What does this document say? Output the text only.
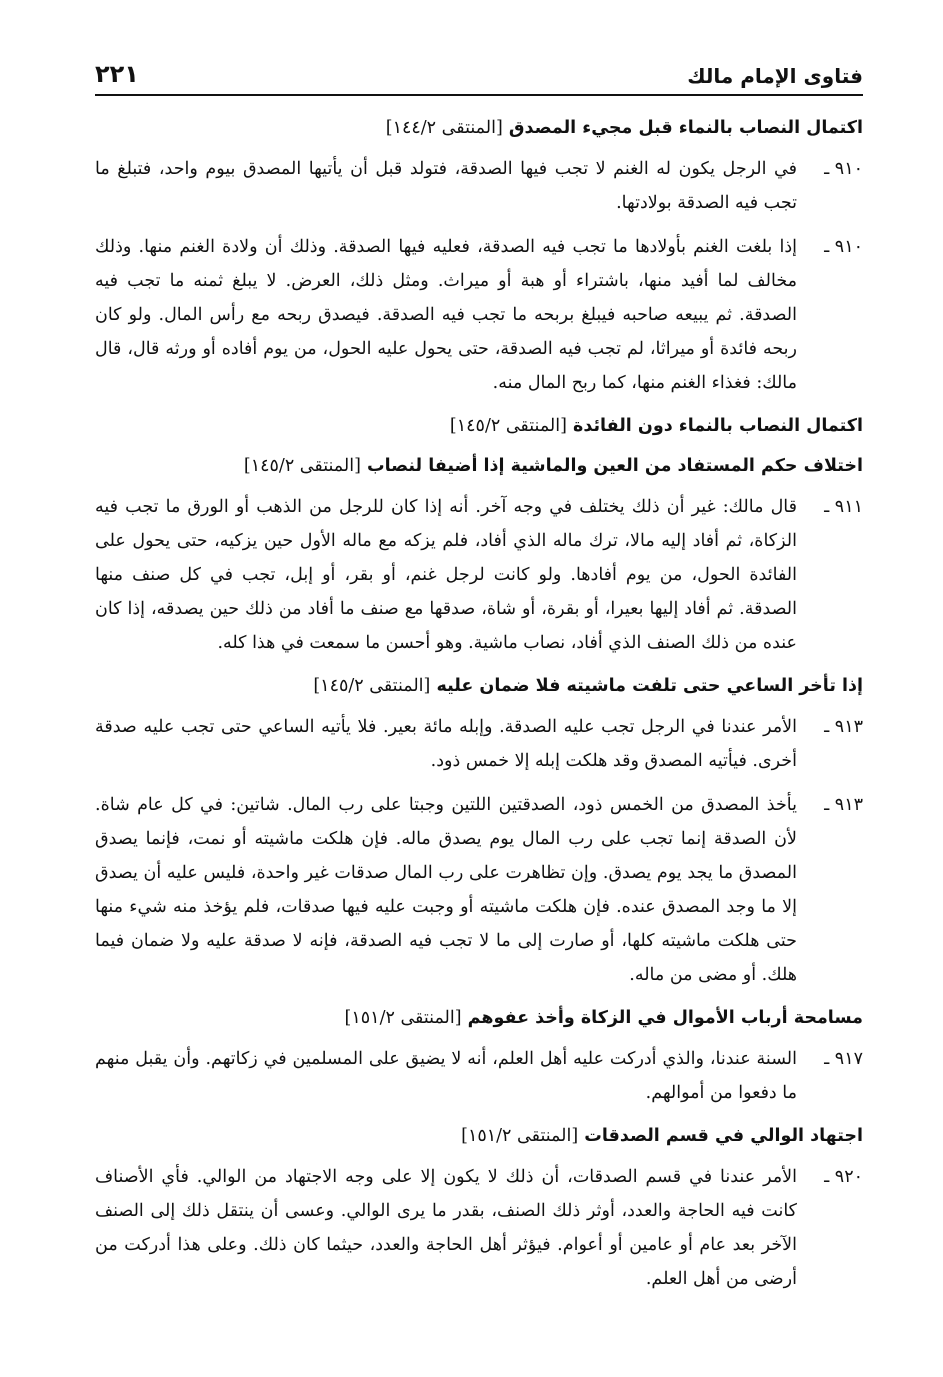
فتاوى الإمام مالك
٢٢١
اكتمال النصاب بالنماء قبل مجيء المصدق [المنتقى ١٤٤/٢]
٩١٠ ـ
في الرجل يكون له الغنم لا تجب فيها الصدقة، فتولد قبل أن يأتيها المصدق بيوم واحد، فتبلغ ما تجب فيه الصدقة بولادتها.
٩١٠ ـ
إذا بلغت الغنم بأولادها ما تجب فيه الصدقة، فعليه فيها الصدقة. وذلك أن ولادة الغنم منها. وذلك مخالف لما أفيد منها، باشتراء أو هبة أو ميراث. ومثل ذلك، العرض. لا يبلغ ثمنه ما تجب فيه الصدقة. ثم يبيعه صاحبه فيبلغ بربحه ما تجب فيه الصدقة. فيصدق ربحه مع رأس المال. ولو كان ربحه فائدة أو ميراثا، لم تجب فيه الصدقة، حتى يحول عليه الحول، من يوم أفاده أو ورثه قال، قال مالك: فغذاء الغنم منها، كما ربح المال منه.
اكتمال النصاب بالنماء دون الفائدة [المنتقى ١٤٥/٢]
اختلاف حكم المستفاد من العين والماشية إذا أضيفا لنصاب [المنتقى ١٤٥/٢]
٩١١ ـ
قال مالك: غير أن ذلك يختلف في وجه آخر. أنه إذا كان للرجل من الذهب أو الورق ما تجب فيه الزكاة، ثم أفاد إليه مالا، ترك ماله الذي أفاد، فلم يزكه مع ماله الأول حين يزكيه، حتى يحول على الفائدة الحول، من يوم أفادها. ولو كانت لرجل غنم، أو بقر، أو إبل، تجب في كل صنف منها الصدقة. ثم أفاد إليها بعيرا، أو بقرة، أو شاة، صدقها مع صنف ما أفاد من ذلك حين يصدقه، إذا كان عنده من ذلك الصنف الذي أفاد، نصاب ماشية. وهو أحسن ما سمعت في هذا كله.
إذا تأخر الساعي حتى تلفت ماشيته فلا ضمان عليه [المنتقى ١٤٥/٢]
٩١٣ ـ
الأمر عندنا في الرجل تجب عليه الصدقة. وإبله مائة بعير. فلا يأتيه الساعي حتى تجب عليه صدقة أخرى. فيأتيه المصدق وقد هلكت إبله إلا خمس ذود.
٩١٣ ـ
يأخذ المصدق من الخمس ذود، الصدقتين اللتين وجبتا على رب المال. شاتين: في كل عام شاة. لأن الصدقة إنما تجب على رب المال يوم يصدق ماله. فإن هلكت ماشيته أو نمت، فإنما يصدق المصدق ما يجد يوم يصدق. وإن تظاهرت على رب المال صدقات غير واحدة، فليس عليه أن يصدق إلا ما وجد المصدق عنده. فإن هلكت ماشيته أو وجبت عليه فيها صدقات، فلم يؤخذ منه شيء منها حتى هلكت ماشيته كلها، أو صارت إلى ما لا تجب فيه الصدقة، فإنه لا صدقة عليه ولا ضمان فيما هلك. أو مضى من ماله.
مسامحة أرباب الأموال في الزكاة وأخذ عفوهم [المنتقى ١٥١/٢]
٩١٧ ـ
السنة عندنا، والذي أدركت عليه أهل العلم، أنه لا يضيق على المسلمين في زكاتهم. وأن يقبل منهم ما دفعوا من أموالهم.
اجتهاد الوالي في قسم الصدقات [المنتقى ١٥١/٢]
٩٢٠ ـ
الأمر عندنا في قسم الصدقات، أن ذلك لا يكون إلا على وجه الاجتهاد من الوالي. فأي الأصناف كانت فيه الحاجة والعدد، أوثر ذلك الصنف، بقدر ما يرى الوالي. وعسى أن ينتقل ذلك إلى الصنف الآخر بعد عام أو عامين أو أعوام. فيؤثر أهل الحاجة والعدد، حيثما كان ذلك. وعلى هذا أدركت من أرضى من أهل العلم.
